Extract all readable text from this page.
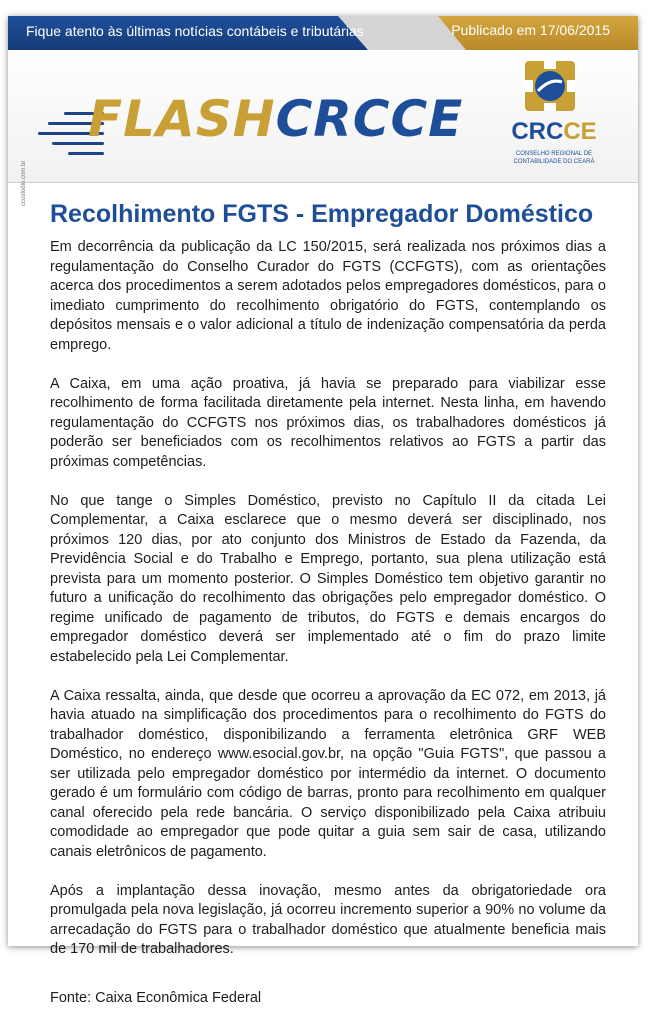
Fique atento às últimas notícias contábeis e tributárias	Publicado em 17/06/2015
FLASHCRCCE	CRCCE
CONSELHO REGIONAL DE CONTABILIDADE DO CEARÁ
ccustodio.com.br
Recolhimento FGTS - Empregador Doméstico

Em decorrência da publicação da LC 150/2015, será realizada nos próximos dias a regulamentação do Conselho Curador do FGTS (CCFGTS), com as orientações acerca dos procedimentos a serem adotados pelos empregadores domésticos, para o imediato cumprimento do recolhimento obrigatório do FGTS, contemplando os depósitos mensais e o valor adicional a título de indenização compensatória da perda emprego.

A Caixa, em uma ação proativa, já havia se preparado para viabilizar esse recolhimento de forma facilitada diretamente pela internet. Nesta linha, em havendo regulamentação do CCFGTS nos próximos dias, os trabalhadores domésticos já poderão ser beneficiados com os recolhimentos relativos ao FGTS a partir das próximas competências.

No que tange o Simples Doméstico, previsto no Capítulo II da citada Lei Complementar, a Caixa esclarece que o mesmo deverá ser disciplinado, nos próximos 120 dias, por ato conjunto dos Ministros de Estado da Fazenda, da Previdência Social e do Trabalho e Emprego, portanto, sua plena utilização está prevista para um momento posterior. O Simples Doméstico tem objetivo garantir no futuro a unificação do recolhimento das obrigações pelo empregador doméstico. O regime unificado de pagamento de tributos, do FGTS e demais encargos do empregador doméstico deverá ser implementado até o fim do prazo limite estabelecido pela Lei Complementar.

A Caixa ressalta, ainda, que desde que ocorreu a aprovação da EC 072, em 2013, já havia atuado na simplificação dos procedimentos para o recolhimento do FGTS do trabalhador doméstico, disponibilizando a ferramenta eletrônica GRF WEB Doméstico, no endereço www.esocial.gov.br, na opção "Guia FGTS", que passou a ser utilizada pelo empregador doméstico por intermédio da internet. O documento gerado é um formulário com código de barras, pronto para recolhimento em qualquer canal oferecido pela rede bancária. O serviço disponibilizado pela Caixa atribuiu comodidade ao empregador que pode quitar a guia sem sair de casa, utilizando canais eletrônicos de pagamento.

Após a implantação dessa inovação, mesmo antes da obrigatoriedade ora promulgada pela nova legislação, já ocorreu incremento superior a 90% no volume da arrecadação do FGTS para o trabalhador doméstico que atualmente beneficia mais de 170 mil de trabalhadores.

Fonte: Caixa Econômica Federal
